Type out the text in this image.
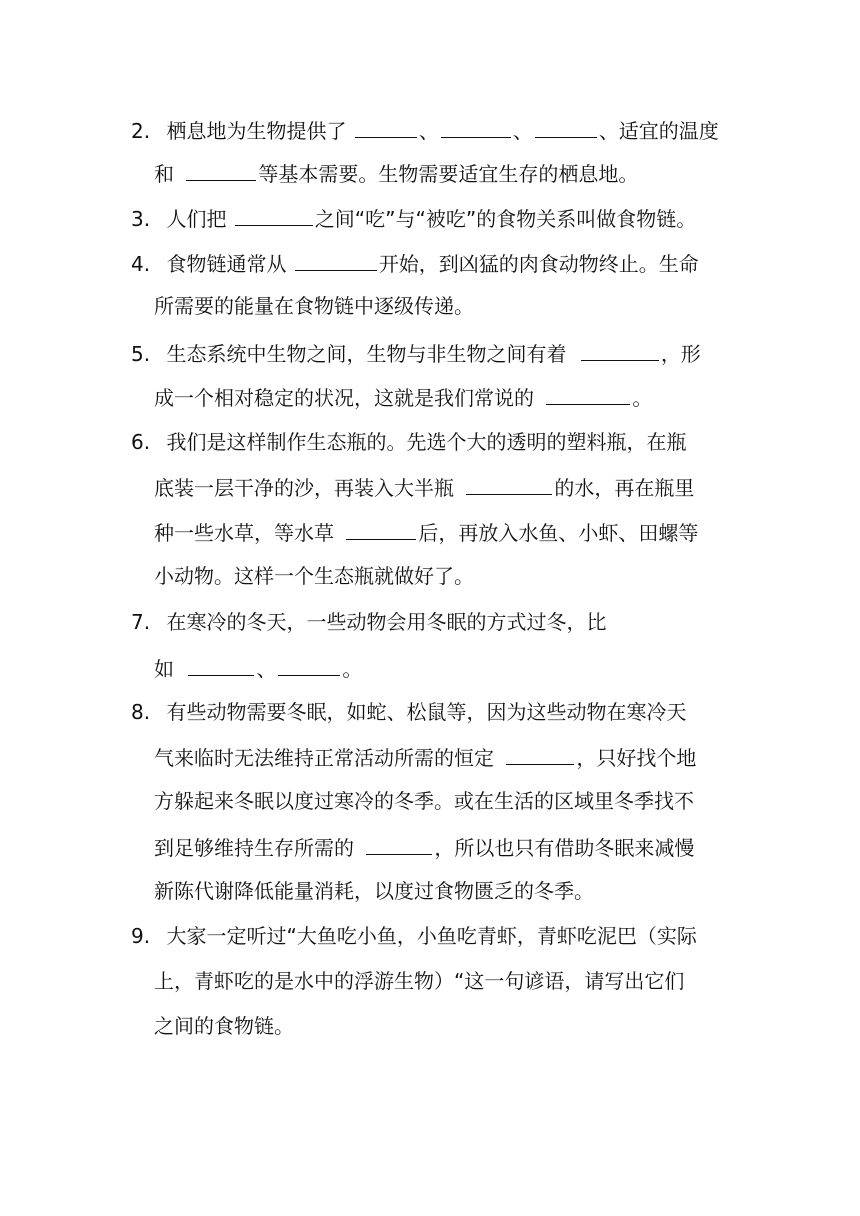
2. 栖息地为生物提供了	、	、	、适宜的温度
和	等基本需要。生物需要适宜生存的栖息地。
3. 人们把	之间“吃”与“被吃”的食物关系叫做食物链。
4. 食物链通常从	开始，到凶猛的肉食动物终止。生命
所需要的能量在食物链中逐级传递。
5. 生态系统中生物之间，生物与非生物之间有着	，形
成一个相对稳定的状况，这就是我们常说的	。
6. 我们是这样制作生态瓶的。先选个大的透明的塑料瓶，在瓶
底装一层干净的沙，再装入大半瓶	的水，再在瓶里
种一些水草，等水草	后，再放入水鱼、小虾、田螺等
小动物。这样一个生态瓶就做好了。
7. 在寒冷的冬天，一些动物会用冬眠的方式过冬，比
如	、	。
8. 有些动物需要冬眠，如蛇、松鼠等，因为这些动物在寒冷天
气来临时无法维持正常活动所需的恒定	，只好找个地
方躲起来冬眠以度过寒冷的冬季。或在生活的区域里冬季找不
到足够维持生存所需的	，所以也只有借助冬眠来减慢
新陈代谢降低能量消耗，以度过食物匮乏的冬季。
9. 大家一定听过“大鱼吃小鱼，小鱼吃青虾，青虾吃泥巴（实际
上，青虾吃的是水中的浮游生物）“这一句谚语，请写出它们
之间的食物链。
